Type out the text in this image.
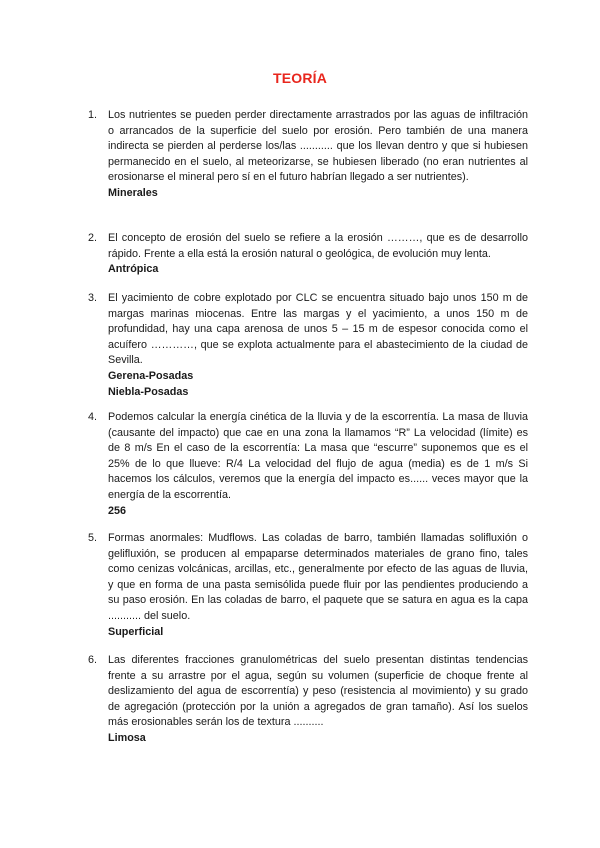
TEORÍA
1. Los nutrientes se pueden perder directamente arrastrados por las aguas de infiltración o arrancados de la superficie del suelo por erosión. Pero también de una manera indirecta se pierden al perderse los/las ........... que los llevan dentro y que si hubiesen permanecido en el suelo, al meteorizarse, se hubiesen liberado (no eran nutrientes al erosionarse el mineral pero sí en el futuro habrían llegado a ser nutrientes).
Minerales
2. El concepto de erosión del suelo se refiere a la erosión ………, que es de desarrollo rápido. Frente a ella está la erosión natural o geológica, de evolución muy lenta.
Antrópica
3. El yacimiento de cobre explotado por CLC se encuentra situado bajo unos 150 m de margas marinas miocenas. Entre las margas y el yacimiento, a unos 150 m de profundidad, hay una capa arenosa de unos 5 – 15 m de espesor conocida como el acuífero …………, que se explota actualmente para el abastecimiento de la ciudad de Sevilla.
Gerena-Posadas
Niebla-Posadas
4. Podemos calcular la energía cinética de la lluvia y de la escorrentía. La masa de lluvia (causante del impacto) que cae en una zona la llamamos “R” La velocidad (límite) es de 8 m/s En el caso de la escorrentía: La masa que “escurre” suponemos que es el 25% de lo que llueve: R/4 La velocidad del flujo de agua (media) es de 1 m/s Si hacemos los cálculos, veremos que la energía del impacto es...... veces mayor que la energía de la escorrentía.
256
5. Formas anormales: Mudflows. Las coladas de barro, también llamadas solifluxión o gelifluxión, se producen al empaparse determinados materiales de grano fino, tales como cenizas volcánicas, arcillas, etc., generalmente por efecto de las aguas de lluvia, y que en forma de una pasta semisólida puede fluir por las pendientes produciendo a su paso erosión. En las coladas de barro, el paquete que se satura en agua es la capa ........... del suelo.
Superficial
6. Las diferentes fracciones granulométricas del suelo presentan distintas tendencias frente a su arrastre por el agua, según su volumen (superficie de choque frente al deslizamiento del agua de escorrentía) y peso (resistencia al movimiento) y su grado de agregación (protección por la unión a agregados de gran tamaño). Así los suelos más erosionables serán los de textura ..........
Limosa
